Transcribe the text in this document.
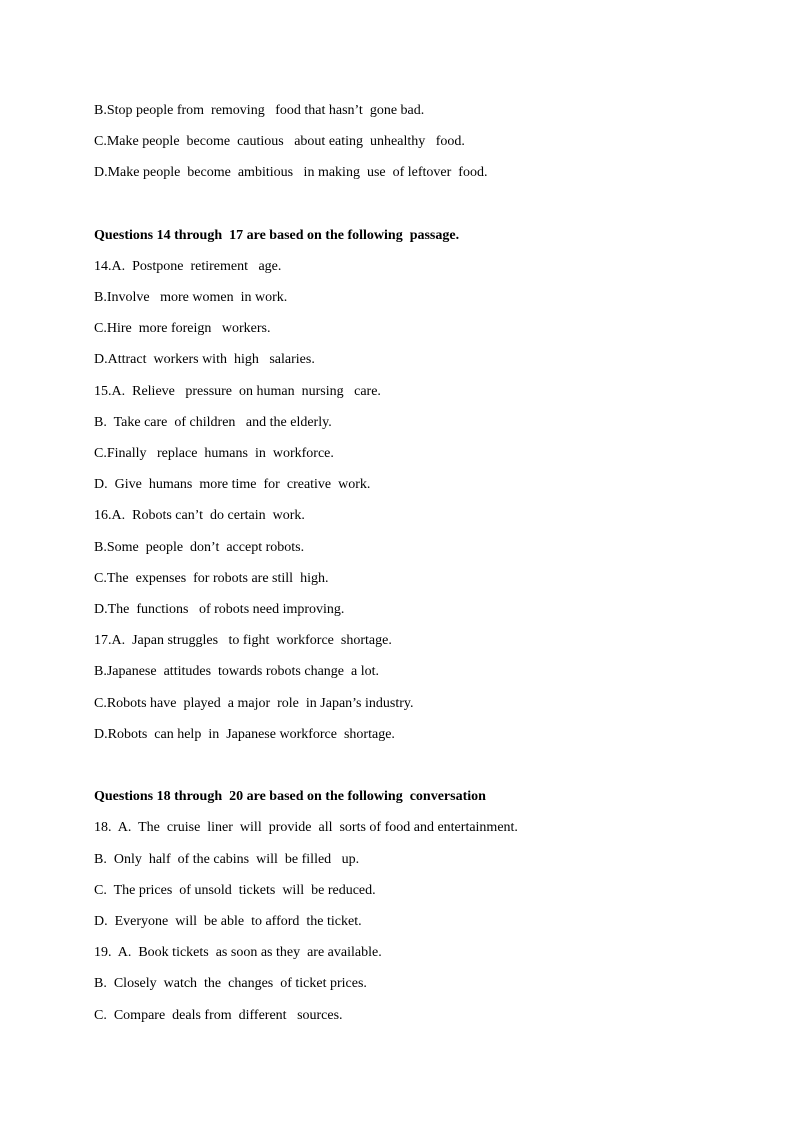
B.Stop people from  removing   food that hasn’t  gone bad.
C.Make people  become  cautious   about eating  unhealthy   food.
D.Make people  become  ambitious   in making  use  of leftover  food.
Questions 14 through  17 are based on the following  passage.
14.A.  Postpone  retirement   age.
B.Involve   more women  in work.
C.Hire  more foreign   workers.
D.Attract  workers with  high   salaries.
15.A.  Relieve   pressure  on human  nursing   care.
B.  Take care  of children   and the elderly.
C.Finally   replace  humans  in  workforce.
D.  Give  humans  more time  for  creative  work.
16.A.  Robots can’t  do certain  work.
B.Some  people  don’t  accept robots.
C.The  expenses  for robots are still  high.
D.The  functions   of robots need improving.
17.A.  Japan struggles   to fight  workforce  shortage.
B.Japanese  attitudes  towards robots change  a lot.
C.Robots have  played  a major  role  in Japan’s industry.
D.Robots  can help  in  Japanese workforce  shortage.
Questions 18 through  20 are based on the following  conversation
18.  A.  The  cruise  liner  will  provide  all  sorts of food and entertainment.
B.  Only  half  of the cabins  will  be filled   up.
C.  The prices  of unsold  tickets  will  be reduced.
D.  Everyone  will  be able  to afford  the ticket.
19.  A.  Book tickets  as soon as they  are available.
B.  Closely  watch  the  changes  of ticket prices.
C.  Compare  deals from  different   sources.
